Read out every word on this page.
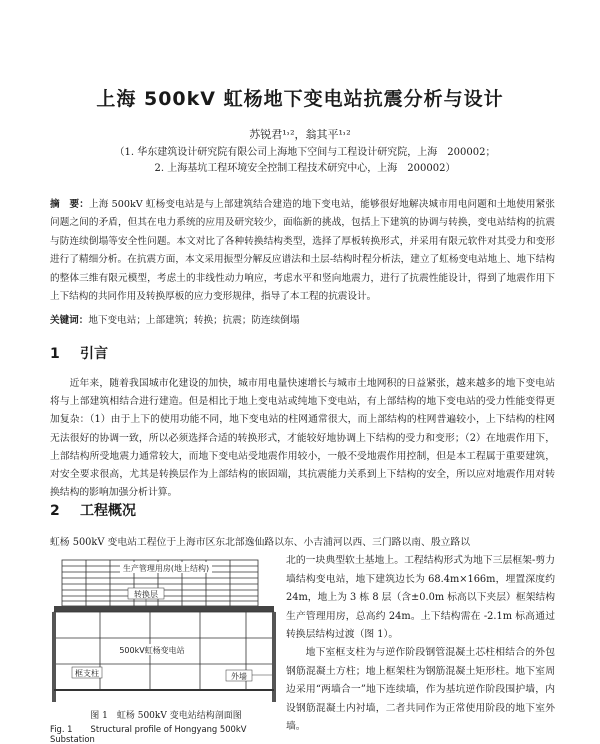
上海 500kV 虹杨地下变电站抗震分析与设计
苏锐君¹˒²，翁其平¹˒²
（1. 华东建筑设计研究院有限公司上海地下空间与工程设计研究院，上海　200002；
2. 上海基坑工程环境安全控制工程技术研究中心，上海　200002）
摘　要：上海 500kV 虹杨变电站是与上部建筑结合建造的地下变电站，能够很好地解决城市用电问题和土地使用紧张问题之间的矛盾，但其在电力系统的应用及研究较少，面临新的挑战，包括上下建筑的协调与转换，变电站结构的抗震与防连续倒塌等安全性问题。本文对比了各种转换结构类型，选择了厚板转换形式，并采用有限元软件对其受力和变形进行了精细分析。在抗震方面，本文采用振型分解反应谱法和土层-结构时程分析法，建立了虹杨变电站地上、地下结构的整体三维有限元模型，考虑土的非线性动力响应，考虑水平和竖向地震力，进行了抗震性能设计，得到了地震作用下上下结构的共同作用及转换厚板的应力变形规律，指导了本工程的抗震设计。
关键词：地下变电站；上部建筑；转换；抗震；防连续倒塌
1 引言
近年来，随着我国城市化建设的加快，城市用电量快速增长与城市土地网积的日益紧张，越来越多的地下变电站将与上部建筑相结合进行建造。但是相比于地上变电站或纯地下变电站，有上部结构的地下变电站的受力性能变得更加复杂：（1）由于上下的使用功能不同，地下变电站的柱网通常很大，而上部结构的柱网普遍较小，上下结构的柱网无法很好的协调一致，所以必须选择合适的转换形式，才能较好地协调上下结构的受力和变形；（2）在地震作用下，上部结构所受地震力通常较大，而地下变电站受地震作用较小，一般不受地震作用控制，但是本工程属于重要建筑，对安全要求很高，尤其是转换层作为上部结构的嵌固端，其抗震能力关系到上下结构的安全，所以应对地震作用对转换结构的影响加强分析计算。
2 工程概况
虹杨 500kV 变电站工程位于上海市区东北部逸仙路以东、小吉浦河以西、三门路以南、殷立路以
北的一块典型软土基地上。工程结构形式为地下三层框架-剪力墙结构变电站，地下建筑边长为 68.4m×166m，埋置深度约 24m，地上为 3 栋 8 层（含±0.0m 标高以下夹层）框架结构生产管理用房，总高约 24m。上下结构需在 -2.1m 标高通过转换层结构过渡（图 1）。
地下室框支柱为与逆作阶段钢管混凝土芯柱相结合的外包钢筋混凝土方柱；地上框架柱为钢筋混凝土矩形柱。地下室周边采用“两墙合一”地下连续墙，作为基坑逆作阶段围护墙，内设钢筋混凝土内衬墙，二者共同作为正常使用阶段的地下室外墙。
生产管理用房(地上结构)
转换层
500kV虹杨变电站
框支柱	外墙
图 1　虹杨 500kV 变电站结构剖面图
Fig. 1 Structural profile of Hongyang 500kV Substation
